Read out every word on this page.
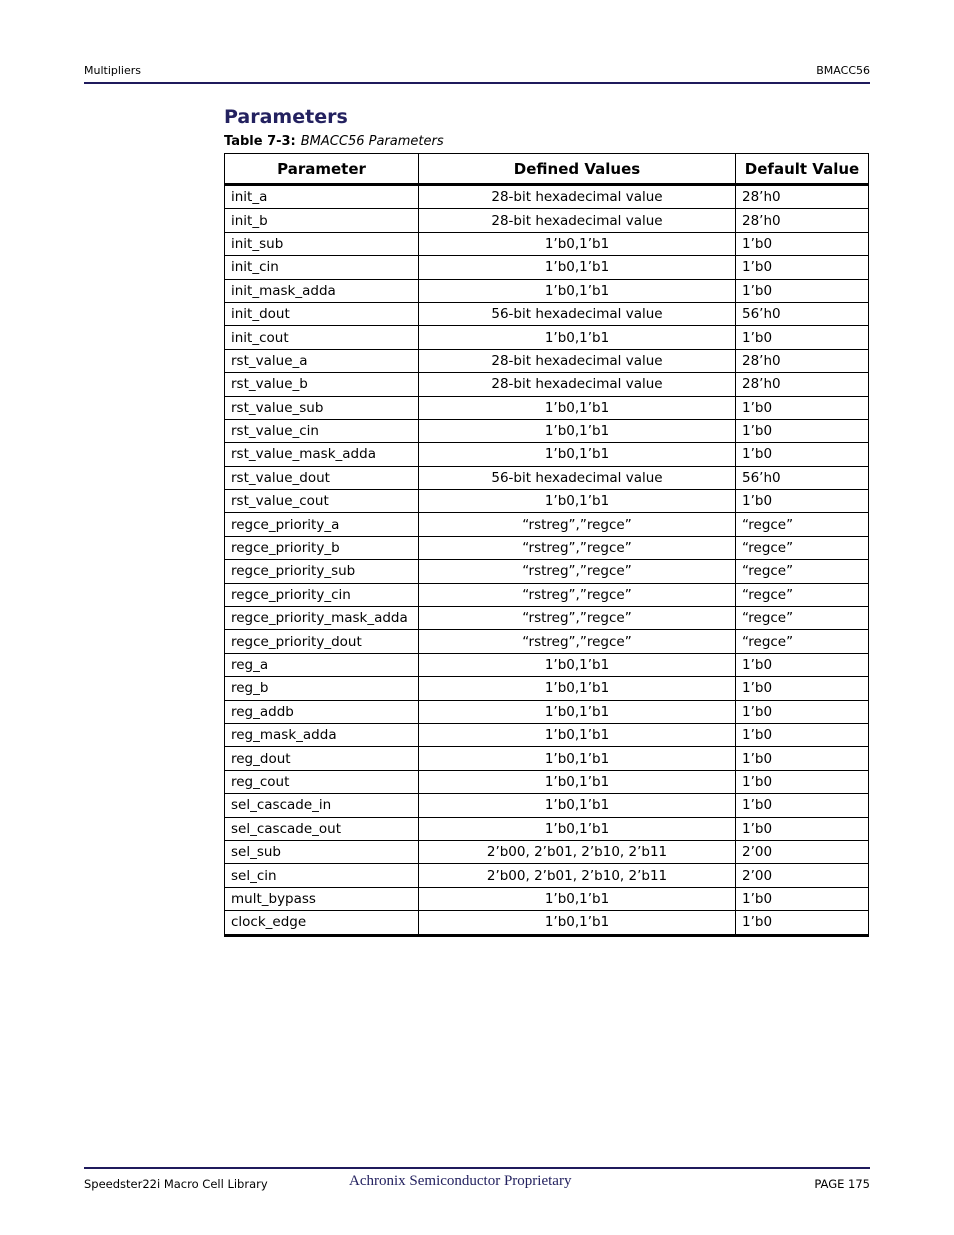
Multipliers	BMACC56
Parameters
Table 7-3: BMACC56 Parameters
Parameter	Defined Values	Default Value
init_a	28-bit hexadecimal value	28’h0
init_b	28-bit hexadecimal value	28’h0
init_sub	1’b0,1’b1	1’b0
init_cin	1’b0,1’b1	1’b0
init_mask_adda	1’b0,1’b1	1’b0
init_dout	56-bit hexadecimal value	56’h0
init_cout	1’b0,1’b1	1’b0
rst_value_a	28-bit hexadecimal value	28’h0
rst_value_b	28-bit hexadecimal value	28’h0
rst_value_sub	1’b0,1’b1	1’b0
rst_value_cin	1’b0,1’b1	1’b0
rst_value_mask_adda	1’b0,1’b1	1’b0
rst_value_dout	56-bit hexadecimal value	56’h0
rst_value_cout	1’b0,1’b1	1’b0
regce_priority_a	“rstreg”,”regce”	“regce”
regce_priority_b	“rstreg”,”regce”	“regce”
regce_priority_sub	“rstreg”,”regce”	“regce”
regce_priority_cin	“rstreg”,”regce”	“regce”
regce_priority_mask_adda	“rstreg”,”regce”	“regce”
regce_priority_dout	“rstreg”,”regce”	“regce”
reg_a	1’b0,1’b1	1’b0
reg_b	1’b0,1’b1	1’b0
reg_addb	1’b0,1’b1	1’b0
reg_mask_adda	1’b0,1’b1	1’b0
reg_dout	1’b0,1’b1	1’b0
reg_cout	1’b0,1’b1	1’b0
sel_cascade_in	1’b0,1’b1	1’b0
sel_cascade_out	1’b0,1’b1	1’b0
sel_sub	2’b00, 2’b01, 2’b10, 2’b11	2’00
sel_cin	2’b00, 2’b01, 2’b10, 2’b11	2’00
mult_bypass	1’b0,1’b1	1’b0
clock_edge	1’b0,1’b1	1’b0
Speedster22i Macro Cell Library	Achronix Semiconductor Proprietary	PAGE 175
